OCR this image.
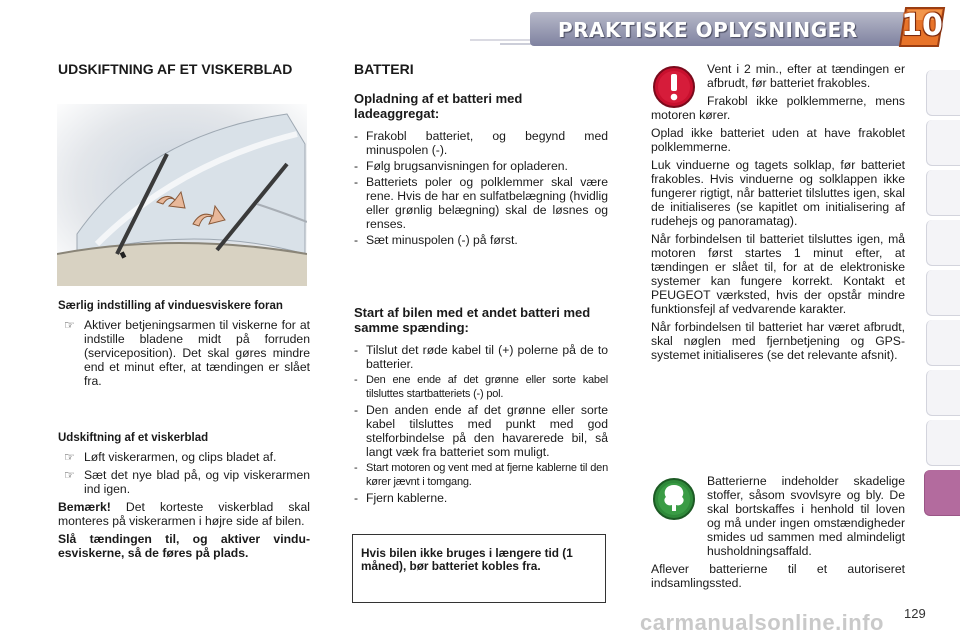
PRAKTISKE OPLYSNINGER 10
UDSKIFTNING AF ET VISKERBLAD
Særlig indstilling af vinduesviskere foran
☞ Aktiver betjeningsarmen til viskerne for at indstille bladene midt på forruden (serviceposition). Det skal gøres mindre end et minut efter, at tændingen er slået fra.
Udskiftning af et viskerblad
☞ Løft viskerarmen, og clips bladet af.
☞ Sæt det nye blad på, og vip viskerarmen ind igen.

Bemærk! Det korteste viskerblad skal monteres på viskerarmen i højre side af bilen.

Slå tændingen til, og aktiver vinduesviskerne, så de føres på plads.

BATTERI
Opladning af et batteri med ladeaggregat:
- Frakobl batteriet, og begynd med minuspolen (-).
- Følg brugsanvisningen for opladeren.
- Batteriets poler og polklemmer skal være rene. Hvis de har en sulfatbelægning (hvidlig eller grønlig belægning) skal de løsnes og renses.
- Sæt minuspolen (-) på først.
Start af bilen med et andet batteri med samme spænding:
- Tilslut det røde kabel til (+) polerne på de to batterier.
- Den ene ende af det grønne eller sorte kabel tilsluttes startbatteriets (-) pol.
- Den anden ende af det grønne eller sorte kabel tilsluttes med punkt med god stelforbindelse på den havarerede bil, så langt væk fra batteriet som muligt.
- Start motoren og vent med at fjerne kablerne til den kører jævnt i tomgang.
- Fjern kablerne.
Hvis bilen ikke bruges i længere tid (1 måned), bør batteriet kobles fra.

Vent i 2 min., efter at tændingen er afbrudt, før batteriet frakobles.

Frakobl ikke polklemmerne, mens motoren kører.

Oplad ikke batteriet uden at have frakoblet polklemmerne.

Luk vinduerne og tagets solklap, før batteriet frakobles. Hvis vinduerne og solklappen ikke fungerer rigtigt, når batteriet tilsluttes igen, skal de initialiseres (se kapitlet om initialisering af rudehejs og panoramatag).

Når forbindelsen til batteriet tilsluttes igen, må motoren først startes 1 minut efter, at tændingen er slået til, for at de elektroniske systemer kan fungere korrekt. Kontakt et PEUGEOT værksted, hvis der opstår mindre funktionsfejl af vedvarende karakter.

Når forbindelsen til batteriet har været afbrudt, skal nøglen med fjernbetjening og GPS-systemet initialiseres (se det relevante afsnit).

Batterierne indeholder skadelige stoffer, såsom svovlsyre og bly. De skal bortskaffes i henhold til loven og må under ingen omstændigheder smides ud sammen med almindeligt husholdningsaffald.

Aflever batterierne til et autoriseret indsamlingssted.

carmanualsonline.info 129
